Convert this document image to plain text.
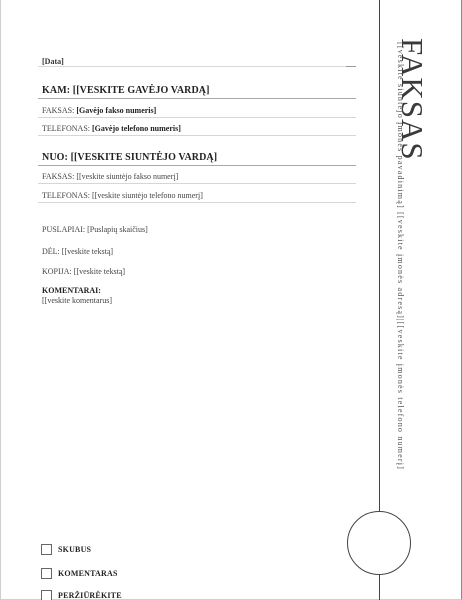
[Data]
KAM: [[VESKITE GAVĖJO VARDĄ]
FAKSAS: [Gavėjo fakso numeris]
TELEFONAS: [Gavėjo telefono numeris]
NUO: [[VESKITE SIUNTĖJO VARDĄ]
FAKSAS: [[veskite siuntėjo fakso numerį]
TELEFONAS: [[veskite siuntėjo telefono numerį]
PUSLAPIAI: [Puslapių skaičius]
DĖL: [[veskite tekstą]
KOPIJA: [[veskite tekstą]
KOMENTARAI:
[[veskite komentarus]
SKUBUS
KOMENTARAS
PERŽIŪRĖKITE
FAKSAS
[[veskite siuntėjo įmonės pavadinimą] [[veskite įmonės adresą]|[[veskite įmonės telefono numerį]
